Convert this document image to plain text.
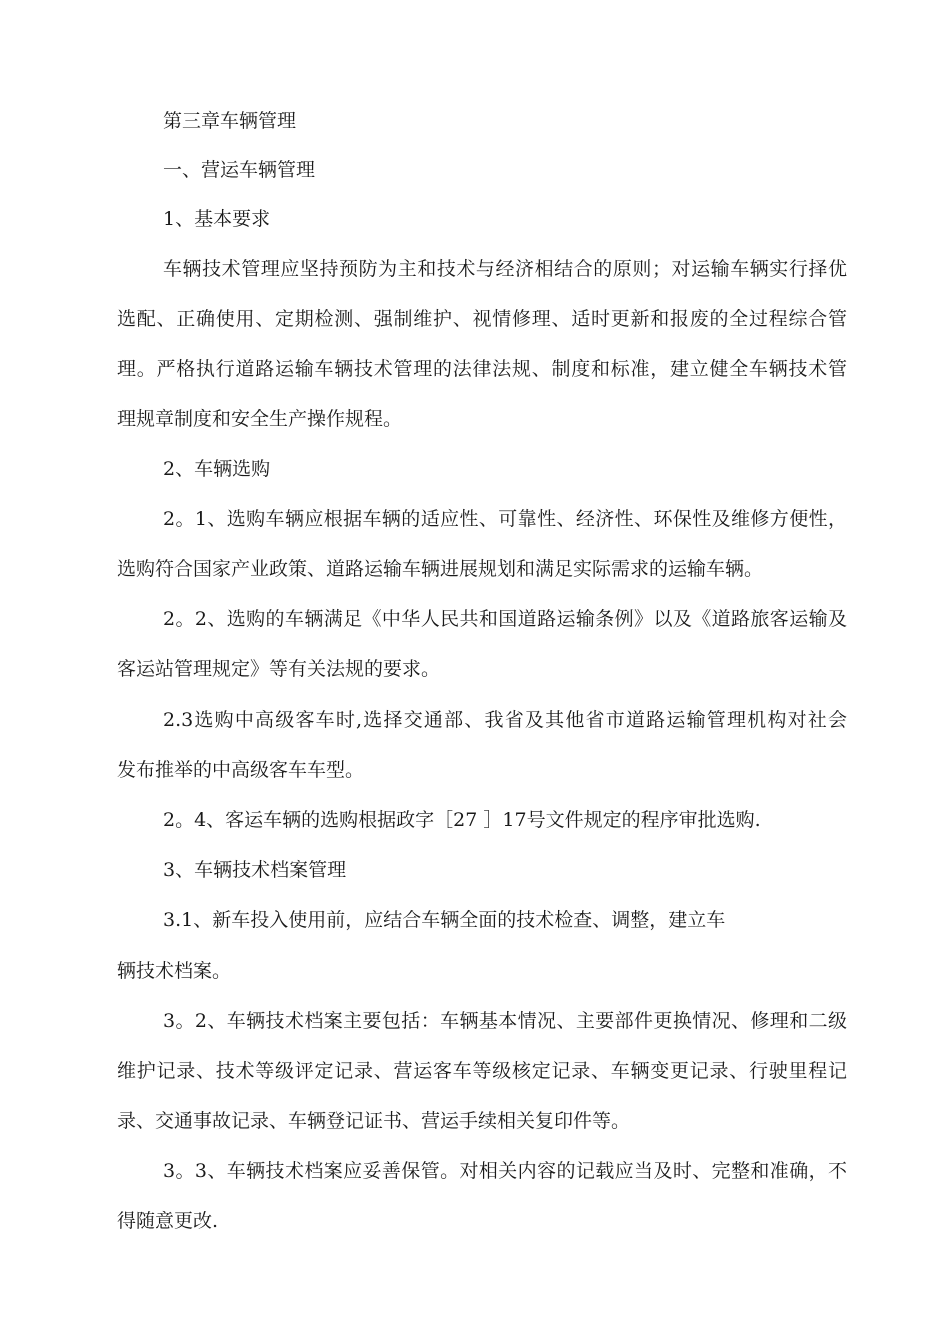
第三章车辆管理
一、营运车辆管理
1、基本要求
车辆技术管理应坚持预防为主和技术与经济相结合的原则；对运输车辆实行择优
选配、正确使用、定期检测、强制维护、视情修理、适时更新和报废的全过程综合管
理。严格执行道路运输车辆技术管理的法律法规、制度和标准，建立健全车辆技术管
理规章制度和安全生产操作规程。
2、车辆选购
2。1、选购车辆应根据车辆的适应性、可靠性、经济性、环保性及维修方便性，
选购符合国家产业政策、道路运输车辆进展规划和满足实际需求的运输车辆。
2。2、选购的车辆满足《中华人民共和国道路运输条例》以及《道路旅客运输及
客运站管理规定》等有关法规的要求。
2.3选购中高级客车时,选择交通部、我省及其他省市道路运输管理机构对社会
发布推举的中高级客车车型。
2。4、客运车辆的选购根据政字［27 ］17号文件规定的程序审批选购.
3、车辆技术档案管理
3.1、新车投入使用前，应结合车辆全面的技术检查、调整，建立车
辆技术档案。
3。2、车辆技术档案主要包括：车辆基本情况、主要部件更换情况、修理和二级
维护记录、技术等级评定记录、营运客车等级核定记录、车辆变更记录、行驶里程记
录、交通事故记录、车辆登记证书、营运手续相关复印件等。
3。3、车辆技术档案应妥善保管。对相关内容的记载应当及时、完整和准确，不
得随意更改.
